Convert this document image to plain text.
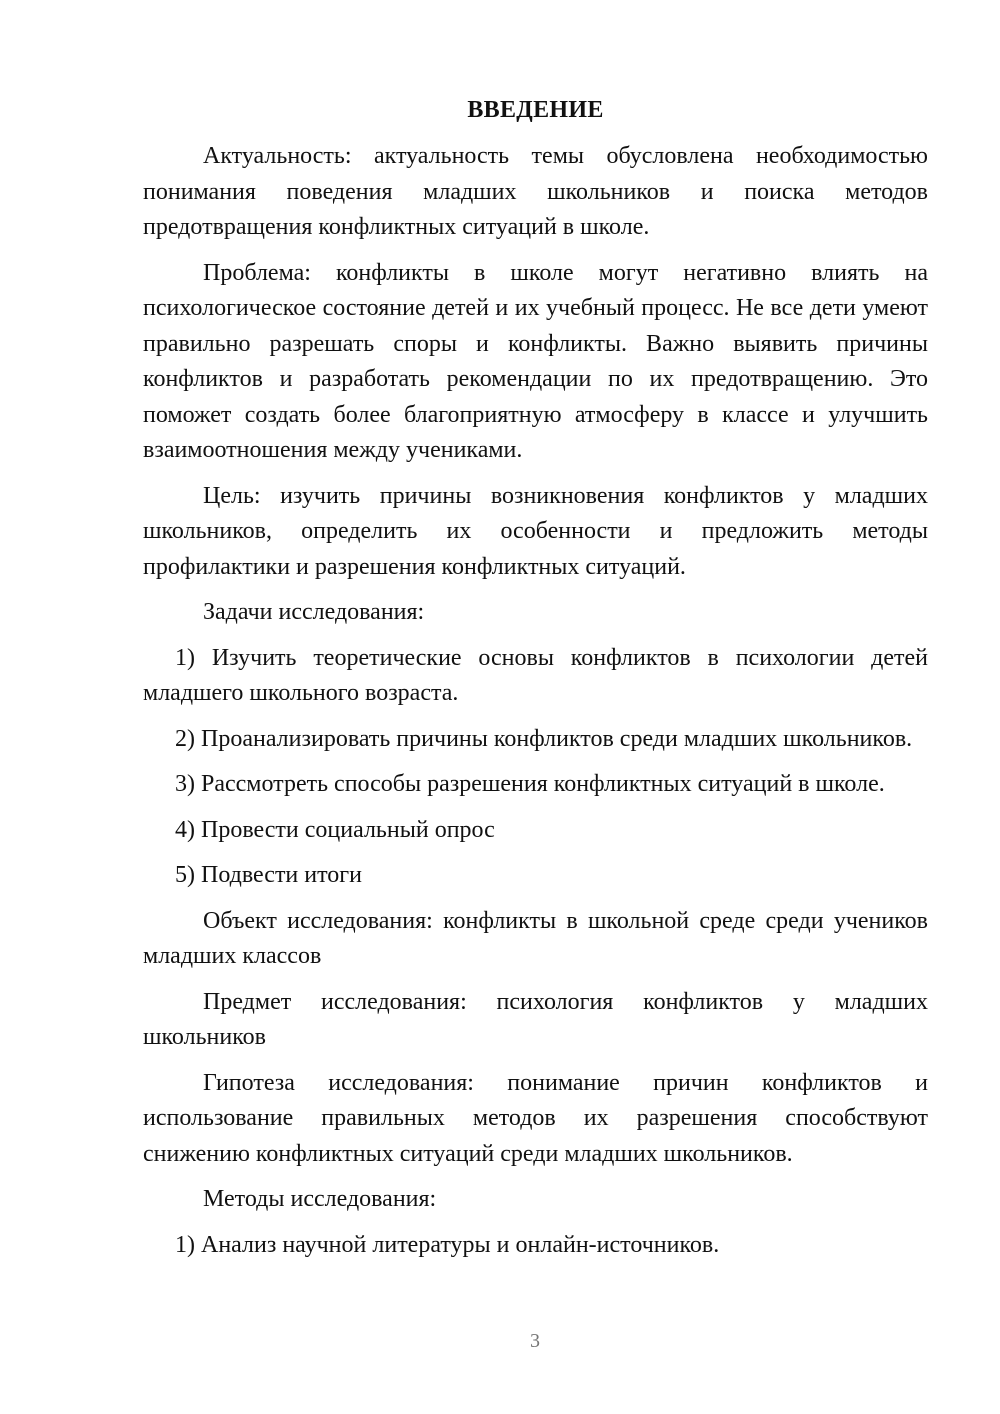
ВВЕДЕНИЕ

Актуальность: актуальность темы обусловлена необходимостью понимания поведения младших школьников и поиска методов предотвращения конфликтных ситуаций в школе.

Проблема: конфликты в школе могут негативно влиять на психологическое состояние детей и их учебный процесс. Не все дети умеют правильно разрешать споры и конфликты. Важно выявить причины конфликтов и разработать рекомендации по их предотвращению. Это поможет создать более благоприятную атмосферу в классе и улучшить взаимоотношения между учениками.

Цель: изучить причины возникновения конфликтов у младших школьников, определить их особенности и предложить методы профилактики и разрешения конфликтных ситуаций.

Задачи исследования:

1) Изучить теоретические основы конфликтов в психологии детей младшего школьного возраста.

2) Проанализировать причины конфликтов среди младших школьников.

3) Рассмотреть способы разрешения конфликтных ситуаций в школе.

4) Провести социальный опрос

5) Подвести итоги

Объект исследования: конфликты в школьной среде среди учеников младших классов

Предмет исследования: психология конфликтов у младших школьников

Гипотеза исследования: понимание причин конфликтов и использование правильных методов их разрешения способствуют снижению конфликтных ситуаций среди младших школьников.

Методы исследования:

1) Анализ научной литературы и онлайн-источников.

3
